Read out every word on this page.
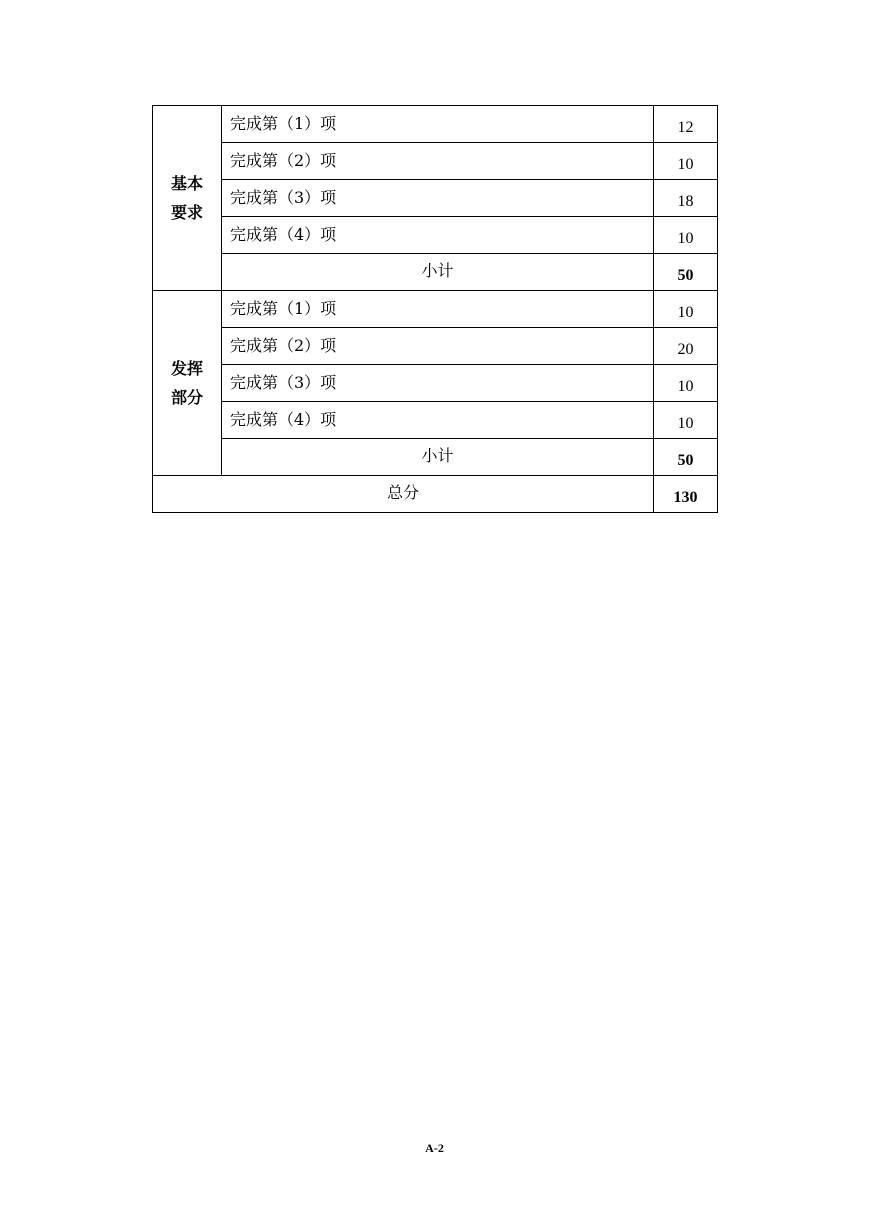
基本
要求	完成第（1）项	12
	完成第（2）项	10
	完成第（3）项	18
	完成第（4）项	10
	小计	50

发挥
部分	完成第（1）项	10
	完成第（2）项	20
	完成第（3）项	10
	完成第（4）项	10
	小计	50
总分		130
A-2
